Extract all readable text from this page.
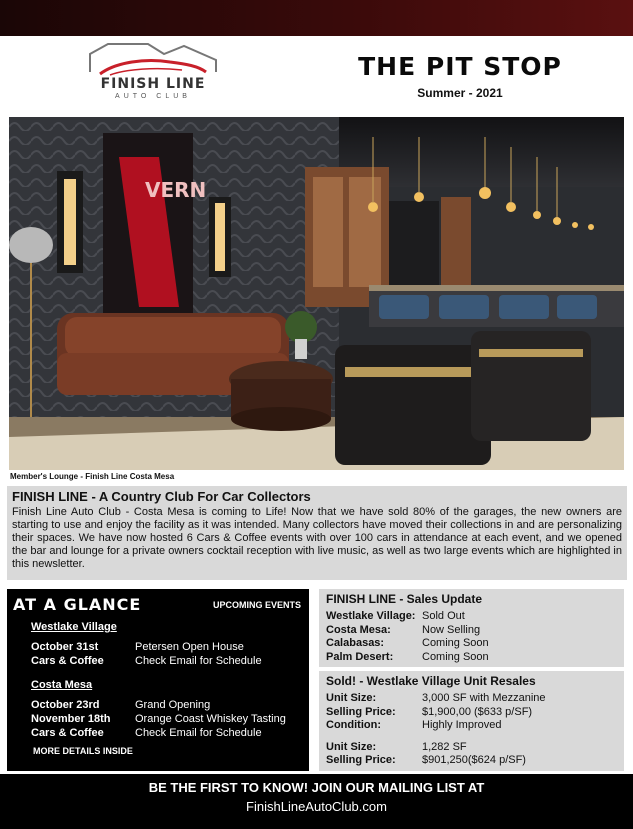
FINISH LINE
AUTO CLUB
THE PIT STOP
Summer - 2021
VERN
Member's Lounge - Finish Line Costa Mesa
FINISH LINE - A Country Club For Car Collectors

Finish Line Auto Club - Costa Mesa is coming to Life! Now that we have sold 80% of the garages, the new owners are starting to use and enjoy the facility as it was intended. Many collectors have moved their collections in and are personalizing their spaces. We have now hosted 6 Cars & Coffee events with over 100 cars in attendance at each event, and we opened the bar and lounge for a private owners cocktail reception with live music, as well as two large events which are highlighted in this newsletter.

AT A GLANCE	UPCOMING EVENTS
Westlake Village
October 31st	Petersen Open House
Cars & Coffee	Check Email for Schedule
Costa Mesa
October 23rd	Grand Opening
November 18th	Orange Coast Whiskey Tasting
Cars & Coffee	Check Email for Schedule
MORE DETAILS INSIDE
FINISH LINE - Sales Update
Westlake Village: Sold Out
Costa Mesa:	Now Selling
Calabasas:	Coming Soon
Palm Desert:	Coming Soon
Sold! - Westlake Village Unit Resales
Unit Size:	3,000 SF with Mezzanine
Selling Price:	$1,900,00 ($633 p/SF)
Condition:	Highly Improved
Unit Size:	1,282 SF
Selling Price:	$901,250($624 p/SF)
BE THE FIRST TO KNOW! JOIN OUR MAILING LIST AT
FinishLineAutoClub.com
